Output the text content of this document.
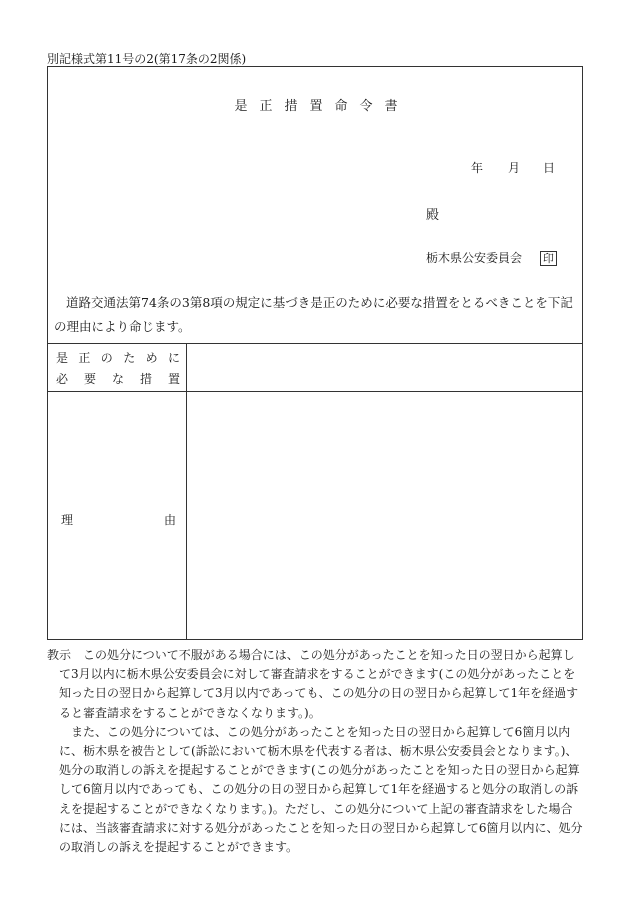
別記様式第11号の2(第17条の2関係)
是正措置命令書
年 月 日
殿
栃木県公安委員会 印
道路交通法第74条の3第8項の規定に基づき是正のために必要な措置をとるべきことを下記の理由により命じます。
是正のために
必要な措置
理	由
教示 この処分について不服がある場合には、この処分があったことを知った日の翌日から起算して3月以内に栃木県公安委員会に対して審査請求をすることができます(この処分があったことを知った日の翌日から起算して3月以内であっても、この処分の日の翌日から起算して1年を経過すると審査請求をすることができなくなります。)。

また、この処分については、この処分があったことを知った日の翌日から起算して6箇月以内に、栃木県を被告として(訴訟において栃木県を代表する者は、栃木県公安委員会となります。)、処分の取消しの訴えを提起することができます(この処分があったことを知った日の翌日から起算して6箇月以内であっても、この処分の日の翌日から起算して1年を経過すると処分の取消しの訴えを提起することができなくなります。)。ただし、この処分について上記の審査請求をした場合には、当該審査請求に対する処分があったことを知った日の翌日から起算して6箇月以内に、処分の取消しの訴えを提起することができます。
